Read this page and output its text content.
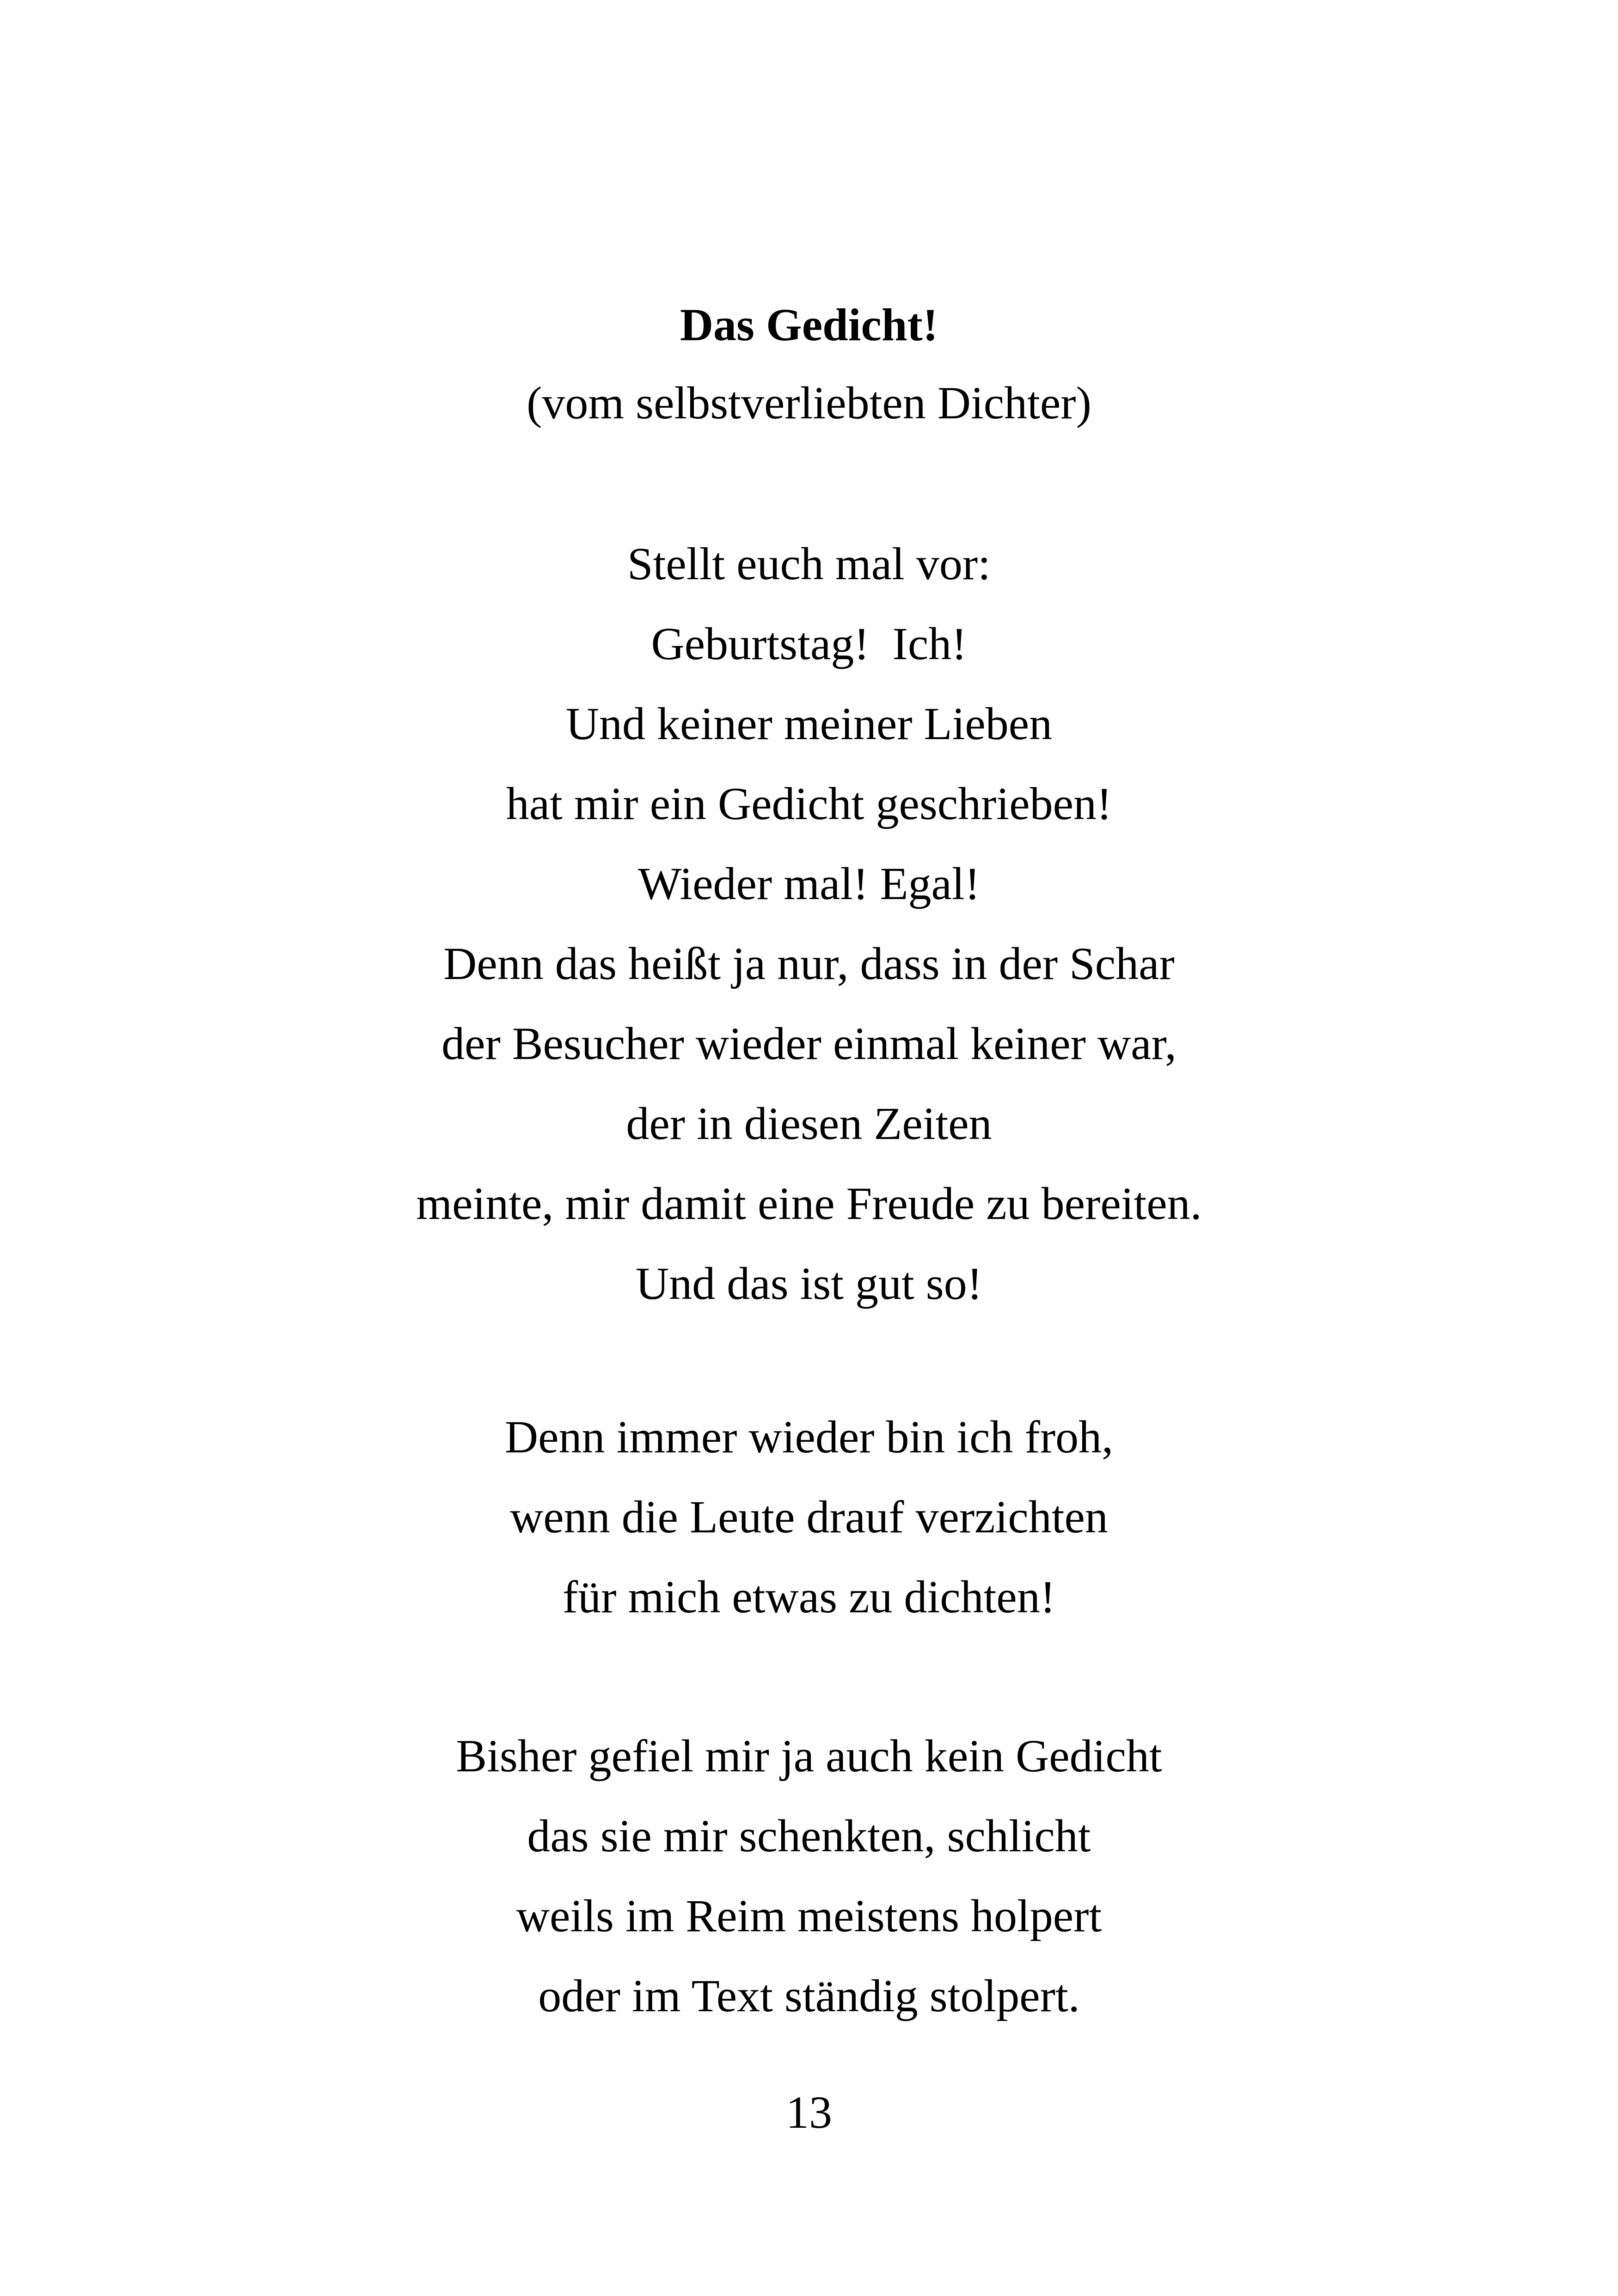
Das Gedicht!
(vom selbstverliebten Dichter)
Stellt euch mal vor:
Geburtstag!  Ich!
Und keiner meiner Lieben
hat mir ein Gedicht geschrieben!
Wieder mal! Egal!
Denn das heißt ja nur, dass in der Schar
der Besucher wieder einmal keiner war,
der in diesen Zeiten
meinte, mir damit eine Freude zu bereiten.
Und das ist gut so!
Denn immer wieder bin ich froh,
wenn die Leute drauf verzichten
für mich etwas zu dichten!
Bisher gefiel mir ja auch kein Gedicht
das sie mir schenkten, schlicht
weils im Reim meistens holpert
oder im Text ständig stolpert.
13
